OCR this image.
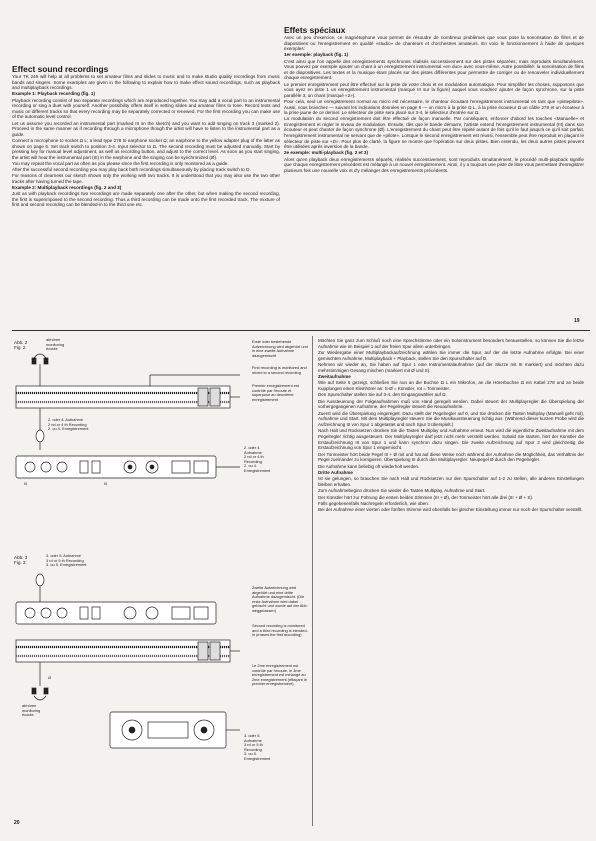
Effect sound recordings

Your TK 245 will help at all problems to set amateur films and slides to music and to make studio quality recordings from music bands and singers. Some examples are given in the following to explain how to make effect sound recordings, such as playback and multiplayback recordings.

Example 1: Playback recording (fig. 1)

Playback recording consist of two separate recordings which are reproduced together. You may add a vocal part to an instrumental recording or sing a duet with yourself. Another possibility offers itself in setting slides and amateur films to tone. Record texts and music on different tracks so that every recording may be separately corrected or renewed. For the first recording you can make use of the automatic level control.

Let us assume you recorded an instrumental part (marked III on the sketch) and you want to add singing on track 3 (marked 2). Proceed in the same manner as if recording through a microphone though the artist will have to listen to the instrumental part as a guide.

Connect a microphone to socket Ω L; a lead type 278 to earphone socket Ω; an earphone to the yellow adapter plug of the latter as shown on page 6. Set track switch to position 3-4. Input selector to Ω. The second recording must be adjusted manually. Start by pressing key for manual level adjustment, as well as recording button, and adjust to the correct level. As soon as you start singing, the artist will hear the instrumental part (III) in the earphone and the singing can be synchronized (Ø).

You may repeat the vocal part as often as you please since the first recording is only monitored as a guide.

After the successful second recording you may play back both recordings simultaneously by placing track switch to D.

For reasons of clearness our sketch shows only the working with two tracks. It is understood that you may also use the two other tracks after having turned the tape.

Example 2: Multiplayback recordings (fig. 2 and 3)

Just as with playback recordings two recordings are made separately one after the other, but when making the second recording, the first is superimposed to the second recording. Thus a third recording can be made onto the first recorded track. The mixture of first and second recording can be blended-in to the third one etc.

Effets spéciaux

Avec un peu d'exercice, ce magnétophone vous permet de résoudre de nombreux problèmes que vous pose la sonorisation de films et de diapositives ou l'enregistrement en qualité «studio» de chanteurs et d'orchestres amateurs. En voici le fonctionnement à l'aide de quelques exemples:

1er exemple: playback (fig. 1)

C'est ainsi que l'on appelle des enregistrements synchrones réalisés successivement sur des pistes séparées, mais reproduits simultanément. Vous pouvez par exemple ajouter un chant à un enregistrement instrumental «en duo» avec vous-même. Autre possibilité: la sonorisation de films et de diapositives. Les textes et la musique étant placés sur des pistes différentes pour permettre de corriger ou de renouveler individuellement chaque enregistrement.

Le premier enregistrement peut être effectué sur la piste de votre choix et en modulation automatique. Pour simplifier les choses, supposons que vous ayez en piste 1 un enregistrement instrumental (marqué III sur la figure) auquel vous voudriez ajouter de façon synchrone, sur la piste parallèle 3, un chant (marqué «2»).

Pour cela, seul un enregistrement normal au micro est nécessaire, le chanteur écoutant l'enregistrement instrumental en tant que «pistepilote». Aussi, vous branchez — suivant les indications données en page 6 — un micro à la prise Ω L, à la prise écouteur Ω un câble 278 et un écouteur à la prise jaune de ce dernier. Le sélecteur de piste sera placé sur 3-4, le sélecteur d'entrée sur Ω.

La modulation du second enregistrement doit être effectué de façon manuelle. Par conséquent, enfoncer d'abord les touches «Manuelle» et Enregistrement et régler le niveau de modulation. Ensuite, dès que le bande démarre, l'artiste entend l'enregistrement instrumental (III) dans son écouteur et peut chanter de façon synchrone (Ø). L'enregistrement du chant peut être répété autant de fois qu'il le faut jusqu'à ce qu'il soit parfait, l'enregistrement instrumental ne servant que de «pilote». Lorsque le second enregistrement est réussi, l'ensemble peut être reproduit en plaçant le sélecteur de piste sur «D». Pour plus de clarté, la figure ne montre que l'opération sur deux pistes. Bien entendu, les deux autres pistes peuvent être utilisées après inversion de la bande.

2e exemple: multi-playback (fig. 2 et 3)

Alors qu'en playback deux enregistrements séparés, réalisés successivement, sont reproduits simultanément, le procédé multi-playback signifie que chaque enregistrement précédent est mélangé à un nouvel enregistrement. Ainsi, il y a toujours une piste de libre vous permettant d'enregistrer plusieurs fois une nouvelle voix et d'y mélanger des enregistrements précédents.

19
Abb. 2
Fig. 2
abhören
monitoring
écoute
Erste oder bestehende Aufzeichnung wird abgehört und in eine zweite Aufnahme dazugemischt
First recording is monitored and mixed to a second recording
Premier enregistrement est contrôlé par l'écoute et superposé au deuxième enregistrement
2. oder 4. Aufnahme
2 nd or 4 th Recording
2. ou 4. Enregistrement
2. oder 4.
Aufnahme
2 nd or 4 th
Recording
2. ou 4.
Enregistrement
III	III
Abb. 3
Fig. 3
3. oder 5. Aufnahme
3 rd or 5 th Recording
3. ou 5. Enregistrement
Zweite Aufzeichnung wird abgehört und eine dritte Aufnahme dazugemischt. (Die erste Aufnahme wird dabei gelöscht und wurde auf der Abb. weggelassen)
Second recording is monitored and a third recording is blended-in (erases the first recording)
Le 2me enregistrement est contrôlé par l'écoute, le 3me enregistrement est mélangé au 2me enregistrement (effaçant le premier enregistrement)
Ø
abhören
monitoring
écoute
3. oder 5.
Aufnahme
3 rd or 5 th
Recording
3. ou 5.
Enregistrement
20

Möchten Sie ganz zum Schluß noch eine Sprechstimme oder ein Soloinstrument besonders herausstellen, so können Sie die letzte Aufnahme wie im Beispiel 1 auf der freien Spur allein unterbringen.

Zur Wiedergabe einer Multiplaybackaufzeichnung wählen Sie immer die Spur, auf der die letzte Aufnahme erfolgte. Bei einer gemischten Aufnahme, Multiplayback + Playback, stellen Sie den Spurschalter auf D.

Nehmen wir wieder an, Sie haben auf Spur 1 eine Instrumentalaufnahme (auf der Skizze mit III markiert) und möchten dazu mehrstimmigen Gesang mischen (markiert mit Ø und S).

Zweitaufnahme

Wie auf Seite 6 gezeigt, schließen Sie nun an die Buchse Ω L ein Mikrofon, an die Hörerbuchse Ω ein Kabel 278 und an beide Kupplungen einen Kleinhörer an: S-Ø = Künstler, rot = Tonmeister.

Den Spurschalter stellen Sie auf 3-4, den Eingangswähler auf Ω.

Die Aussteuerung der Folgeaufnahmen muß von Hand geregelt werden. Dabei steuert der Multiplayregler die Überspielung der vorhergegangenen Aufnahme, der Pegelregler steuert die Neuaufnahme.

Zuerst wird die Überspielung eingeregelt. Dazu stellt der Pegelregler auf 0, und Sie drücken die Tasten Multiplay (Manuell geht mit), Aufnahme und Start. Mit dem Multiplayregler steuern Sie die Musikaussteuerung richtig aus. (Während dieser kurzen Probe wird die Aufzeichnung III von Spur 1 abgetastet und nach Spur 3 überspielt.)

Nach Halt und Rücksetzen drücken Sie die Tasten Multiplay und Aufnahme erneut. Nun wird die eigentliche Zweitaufnahme mit dem Pegelregler richtig ausgesteuert. Der Multiplayregler darf jetzt nicht mehr verstellt werden. Sobald Sie starten, hört der Künstler die Erstaufzeichnung III von Spur 1 und kann synchron dazu singen. Die zweite Aufzeichnung auf Spur 3 wird gleichzeitig die Erstaufzeichnung von Spur 1 eingemischt.

Der Tonmeister hört beide Pegel III + Ø mit und hat auf diese Weise noch während der Aufnahme die Möglichkeit, das Verhältnis der Pegel zueinander zu korrigieren. Überspielung III durch den Multiplayregler. Neupegel Ø durch den Pegelregler.

Die Aufnahme kann beliebig oft wiederholt werden.

Dritte Aufnahme

Ist sie gelungen, so brauchen Sie nach Halt und Rücksetzen nur den Spurschalter auf 1-2 zu stellen, alle anderen Einstellungen bleiben erhalten.

Zum Aufnahmebeginn drücken Sie wieder die Tasten Multiplay, Aufnahme und Start.

Der Künstler hört zur Führung die ersten beiden Stimmen (III + Ø), der Tonmeister hört alle drei (III + Ø + S).

Falls gegebenenfalls Nachregeln erforderlich, wie oben.

Bei der Aufnahme einer vierten oder fünften Stimme wird ebenfalls bei gleicher Einstellung immer nur noch der Spurschalter verstellt.
